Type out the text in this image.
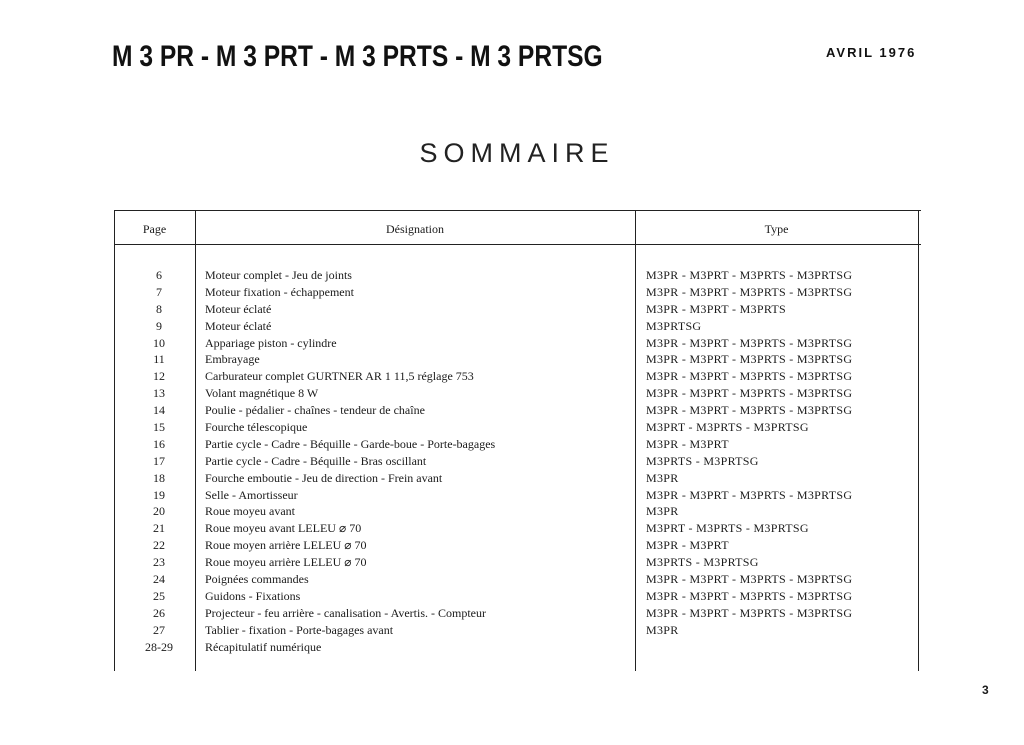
M 3 PR - M 3 PRT - M 3 PRTS - M 3 PRTSG	AVRIL 1976
SOMMAIRE
Page	Désignation	Type
6	Moteur complet - Jeu de joints	M3PR - M3PRT - M3PRTS - M3PRTSG
7	Moteur fixation - échappement	M3PR - M3PRT - M3PRTS - M3PRTSG
8	Moteur éclaté	M3PR - M3PRT - M3PRTS
9	Moteur éclaté	M3PRTSG
10	Appariage piston - cylindre	M3PR - M3PRT - M3PRTS - M3PRTSG
11	Embrayage	M3PR - M3PRT - M3PRTS - M3PRTSG
12	Carburateur complet GURTNER AR 1 11,5 réglage 753	M3PR - M3PRT - M3PRTS - M3PRTSG
13	Volant magnétique 8 W	M3PR - M3PRT - M3PRTS - M3PRTSG
14	Poulie - pédalier - chaînes - tendeur de chaîne	M3PR - M3PRT - M3PRTS - M3PRTSG
15	Fourche télescopique	M3PRT - M3PRTS - M3PRTSG
16	Partie cycle - Cadre - Béquille - Garde-boue - Porte-bagages	M3PR - M3PRT
17	Partie cycle - Cadre - Béquille - Bras oscillant	M3PRTS - M3PRTSG
18	Fourche emboutie - Jeu de direction - Frein avant	M3PR
19	Selle - Amortisseur	M3PR - M3PRT - M3PRTS - M3PRTSG
20	Roue moyeu avant	M3PR
21	Roue moyeu avant LELEU ⌀ 70	M3PRT - M3PRTS - M3PRTSG
22	Roue moyen arrière LELEU ⌀ 70	M3PR - M3PRT
23	Roue moyeu arrière LELEU ⌀ 70	M3PRTS - M3PRTSG
24	Poignées commandes	M3PR - M3PRT - M3PRTS - M3PRTSG
25	Guidons - Fixations	M3PR - M3PRT - M3PRTS - M3PRTSG
26	Projecteur - feu arrière - canalisation - Avertis. - Compteur	M3PR - M3PRT - M3PRTS - M3PRTSG
27	Tablier - fixation - Porte-bagages avant	M3PR
28-29	Récapitulatif numérique
3
